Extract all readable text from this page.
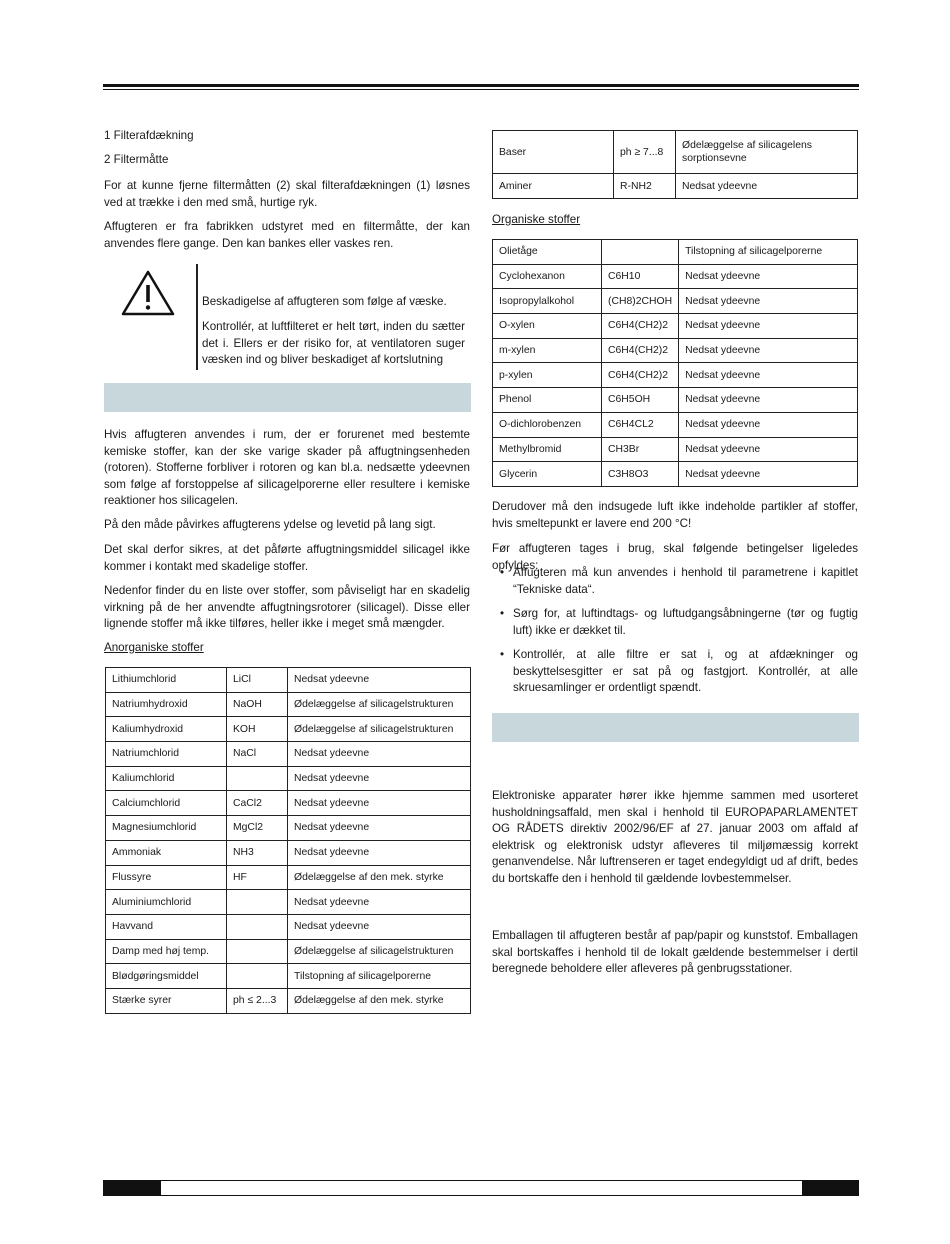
1 Filterafdækning

2 Filtermåtte

For at kunne fjerne filtermåtten (2) skal filterafdækningen (1) løsnes ved at trække i den med små, hurtige ryk.

Affugteren er fra fabrikken udstyret med en filtermåtte, der kan anvendes flere gange. Den kan bankes eller vaskes ren.

Beskadigelse af affugteren som følge af væske.

Kontrollér, at luftfilteret er helt tørt, inden du sætter det i. Ellers er der risiko for, at ventilatoren suger væsken ind og bliver beskadiget af kortslutning

Hvis affugteren anvendes i rum, der er forurenet med bestemte kemiske stoffer, kan der ske varige skader på affugtningsenheden (rotoren). Stofferne forbliver i rotoren og kan bl.a. nedsætte ydeevnen som følge af forstoppelse af silicagelporerne eller resultere i kemiske reaktioner hos silicagelen.

På den måde påvirkes affugterens ydelse og levetid på lang sigt.

Det skal derfor sikres, at det påførte affugtningsmiddel silicagel ikke kommer i kontakt med skadelige stoffer.

Nedenfor finder du en liste over stoffer, som påviseligt har en skadelig virkning på de her anvendte affugtningsrotorer (silicagel). Disse eller lignende stoffer må ikke tilføres, heller ikke i meget små mængder.

Anorganiske stoffer

Lithiumchlorid	LiCl	Nedsat ydeevne
Natriumhydroxid	NaOH	Ødelæggelse af silicagelstrukturen
Kaliumhydroxid	KOH	Ødelæggelse af silicagelstrukturen
Natriumchlorid	NaCl	Nedsat ydeevne
Kaliumchlorid		Nedsat ydeevne
Calciumchlorid	CaCl2	Nedsat ydeevne
Magnesiumchlorid	MgCl2	Nedsat ydeevne
Ammoniak	NH3	Nedsat ydeevne
Flussyre	HF	Ødelæggelse af den mek. styrke
Aluminiumchlorid		Nedsat ydeevne
Havvand		Nedsat ydeevne
Damp med høj temp.		Ødelæggelse af silicagelstrukturen
Blødgøringsmiddel		Tilstopning af silicagelporerne
Stærke syrer	ph ≤ 2...3	Ødelæggelse af den mek. styrke
Baser	ph ≥ 7...8	Ødelæggelse af silicagelens sorptionsevne
Aminer	R-NH2	Nedsat ydeevne

Organiske stoffer

Olietåge		Tilstopning af silicagelporerne
Cyclohexanon	C6H10	Nedsat ydeevne
Isopropylalkohol	(CH8)2CHOH	Nedsat ydeevne
O-xylen	C6H4(CH2)2	Nedsat ydeevne
m-xylen	C6H4(CH2)2	Nedsat ydeevne
p-xylen	C6H4(CH2)2	Nedsat ydeevne
Phenol	C6H5OH	Nedsat ydeevne
O-dichlorobenzen	C6H4CL2	Nedsat ydeevne
Methylbromid	CH3Br	Nedsat ydeevne
Glycerin	C3H8O3	Nedsat ydeevne

Derudover må den indsugede luft ikke indeholde partikler af stoffer, hvis smeltepunkt er lavere end 200 °C!

Før affugteren tages i brug, skal følgende betingelser ligeledes opfyldes:

• Affugteren må kun anvendes i henhold til parametrene i kapitlet “Tekniske data“.
• Sørg for, at luftindtags- og luftudgangsåbningerne (tør og fugtig luft) ikke er dækket til.
• Kontrollér, at alle filtre er sat i, og at afdækninger og beskyttelsesgitter er sat på og fastgjort. Kontrollér, at alle skruesamlinger er ordentligt spændt.

Elektroniske apparater hører ikke hjemme sammen med usorteret husholdningsaffald, men skal i henhold til EUROPAPARLAMENTET OG RÅDETS direktiv 2002/96/EF af 27. januar 2003 om affald af elektrisk og elektronisk udstyr afleveres til miljømæssig korrekt genanvendelse. Når luftrenseren er taget endegyldigt ud af drift, bedes du bortskaffe den i henhold til gældende lovbestemmelser.

Emballagen til affugteren består af pap/papir og kunststof. Emballagen skal bortskaffes i henhold til de lokalt gældende bestemmelser i dertil beregnede beholdere eller afleveres på genbrugsstationer.
